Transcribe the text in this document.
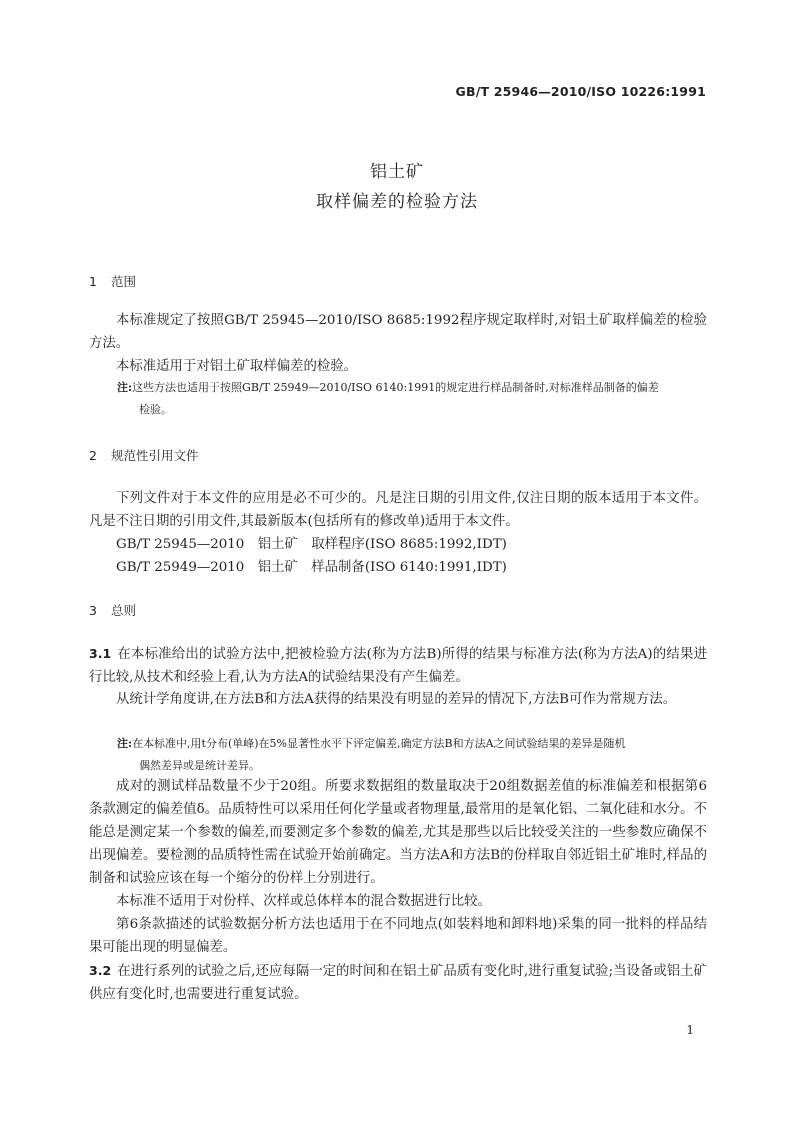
GB/T 25946—2010/ISO 10226:1991
铝土矿
取样偏差的检验方法
1 范围

本标准规定了按照GB/T 25945—2010/ISO 8685:1992程序规定取样时,对铝土矿取样偏差的检验方法。

本标准适用于对铝土矿取样偏差的检验。

注:这些方法也适用于按照GB/T 25949—2010/ISO 6140:1991的规定进行样品制备时,对标准样品制备的偏差
检验。
2 规范性引用文件

下列文件对于本文件的应用是必不可少的。凡是注日期的引用文件,仅注日期的版本适用于本文件。凡是不注日期的引用文件,其最新版本(包括所有的修改单)适用于本文件。

GB/T 25945—2010　铝土矿　取样程序(ISO 8685:1992,IDT)

GB/T 25949—2010　铝土矿　样品制备(ISO 6140:1991,IDT)

3 总则

3.1 在本标准给出的试验方法中,把被检验方法(称为方法B)所得的结果与标准方法(称为方法A)的结果进行比较,从技术和经验上看,认为方法A的试验结果没有产生偏差。

从统计学角度讲,在方法B和方法A获得的结果没有明显的差异的情况下,方法B可作为常规方法。

注:在本标准中,用t分布(单峰)在5%显著性水平下评定偏差,确定方法B和方法A之间试验结果的差异是随机
偶然差异或是统计差异。

成对的测试样品数量不少于20组。所要求数据组的数量取决于20组数据差值的标准偏差和根据第6条款测定的偏差值δ。品质特性可以采用任何化学量或者物理量,最常用的是氧化铝、二氧化硅和水分。不能总是测定某一个参数的偏差,而要测定多个参数的偏差,尤其是那些以后比较受关注的一些参数应确保不出现偏差。要检测的品质特性需在试验开始前确定。当方法A和方法B的份样取自邻近铝土矿堆时,样品的制备和试验应该在每一个缩分的份样上分别进行。

本标准不适用于对份样、次样或总体样本的混合数据进行比较。

第6条款描述的试验数据分析方法也适用于在不同地点(如装料地和卸料地)采集的同一批料的样品结果可能出现的明显偏差。

3.2 在进行系列的试验之后,还应每隔一定的时间和在铝土矿品质有变化时,进行重复试验;当设备或铝土矿供应有变化时,也需要进行重复试验。

1
